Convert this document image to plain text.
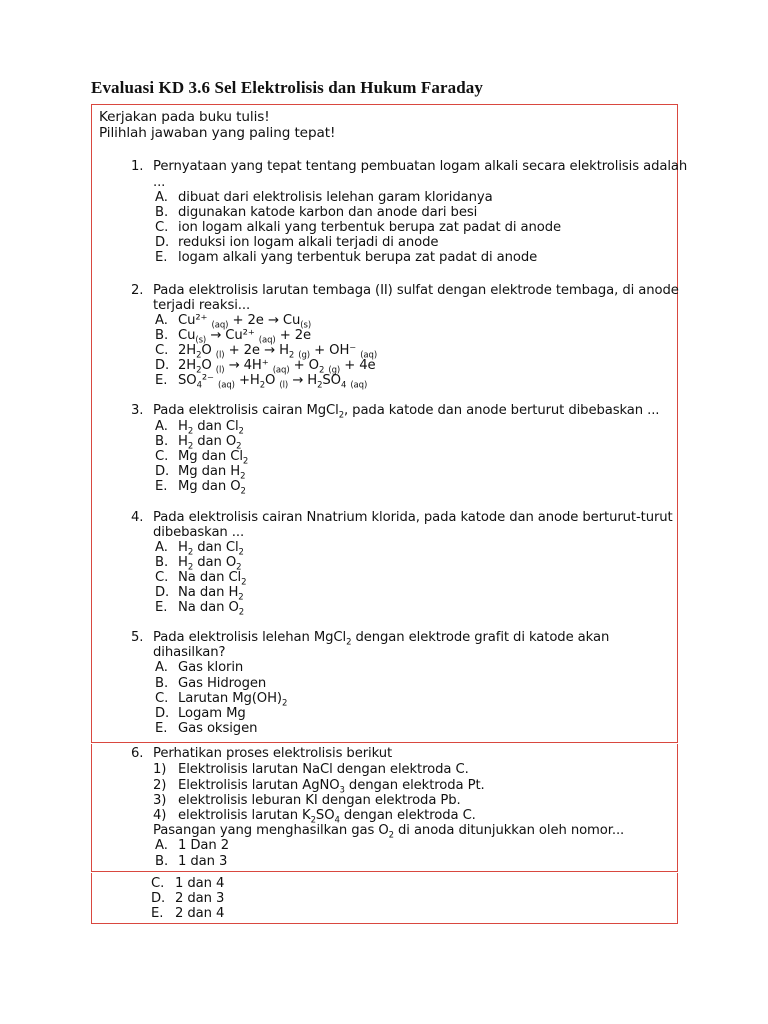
Evaluasi KD 3.6 Sel Elektrolisis dan Hukum Faraday
Kerjakan pada buku tulis!
Pilihlah jawaban yang paling tepat!
1. Pernyataan yang tepat tentang pembuatan logam alkali secara elektrolisis adalah
...
A. dibuat dari elektrolisis lelehan garam kloridanya
B. digunakan katode karbon dan anode dari besi
C. ion logam alkali yang terbentuk berupa zat padat di anode
D. reduksi ion logam alkali terjadi di anode
E. logam alkali yang terbentuk berupa zat padat di anode
2. Pada elektrolisis larutan tembaga (II) sulfat dengan elektrode tembaga, di anode
terjadi reaksi...
A. Cu²⁺ $_{(aq)} + 2e \to Cu_{(s)}$
B. $Cu_{(s)} \to Cu^{2+}$ $_{(aq)}$ + 2e
C. $2H_2O$ $_{(l)} + 2e \to H_2$ $_{(g)}$ + OH⁻ $_{(aq)}$
D. $2H_2O$ $_{(l)}$ → 4H⁺ $_{(aq)} + O_2$ $_{(g)}$ + 4e
E. $SO_4^{2-}$ $_{(aq)} +H_2O$ $_{(l)} \to H_2SO_4$ $_{(aq)}$
3. Pada elektrolisis cairan MgCl$_2$, pada katode dan anode berturut dibebaskan ...
A. $H_2$ dan $Cl_2$
B. $H_2$ dan $O_2$
C. Mg dan $Cl_2$
D. Mg dan $H_2$
E. Mg dan $O_2$
4. Pada elektrolisis cairan Nnatrium klorida, pada katode dan anode berturut-turut
dibebaskan ...
A. $H_2$ dan $Cl_2$
B. $H_2$ dan $O_2$
C. Na dan $Cl_2$
D. Na dan $H_2$
E. Na dan $O_2$
5. Pada elektrolisis lelehan MgCl$_2$ dengan elektrode grafit di katode akan
dihasilkan?
A. Gas klorin
B. Gas Hidrogen
C. Larutan $Mg(OH)_2$
D. Logam Mg
E. Gas oksigen
6. Perhatikan proses elektrolisis berikut
1) Elektrolisis larutan NaCl dengan elektroda C.
2) Elektrolisis larutan AgNO$_3$ dengan elektroda Pt.
3) elektrolisis leburan KI dengan elektroda Pb.
4) elektrolisis larutan $K_2SO_4$ dengan elektroda C.
Pasangan yang menghasilkan gas $O_2$ di anoda ditunjukkan oleh nomor...
A. 1 Dan 2
B. 1 dan 3
C. 1 dan 4
D. 2 dan 3
E. 2 dan 4
